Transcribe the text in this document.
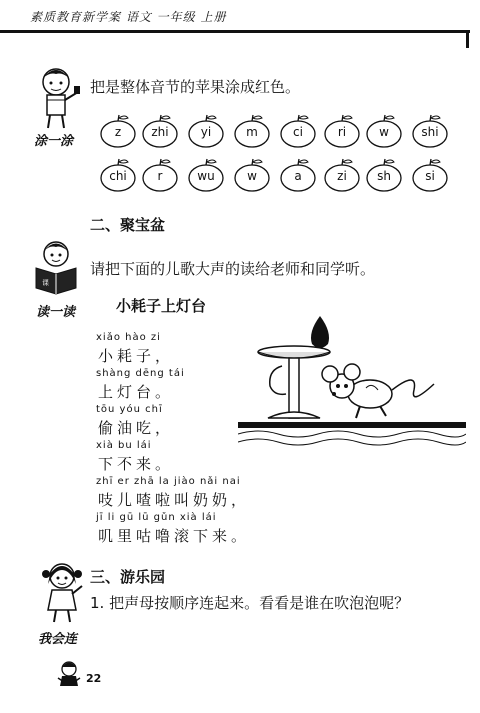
素质教育新学案 语文 一年级 上册
涂一涂
把是整体音节的苹果涂成红色。
z	zhi	yi	m	ci	ri	w	shi
chi	r	wu	w	a	zi	sh	si
二、聚宝盆
课
读一读
请把下面的儿歌大声的读给老师和同学听。
小耗子上灯台
xiǎo hào zi
小耗子，
shàng dēng tái
上灯台。
tōu yóu chī
偷油吃，
xià bu lái
下不来。
zhī er zhā la jiào nǎi nai
吱儿喳啦叫奶奶，
jī li gū lū gǔn xià lái
叽里咕噜滚下来。
三、游乐园
我会连
1. 把声母按顺序连起来。看看是谁在吹泡泡呢？
22
